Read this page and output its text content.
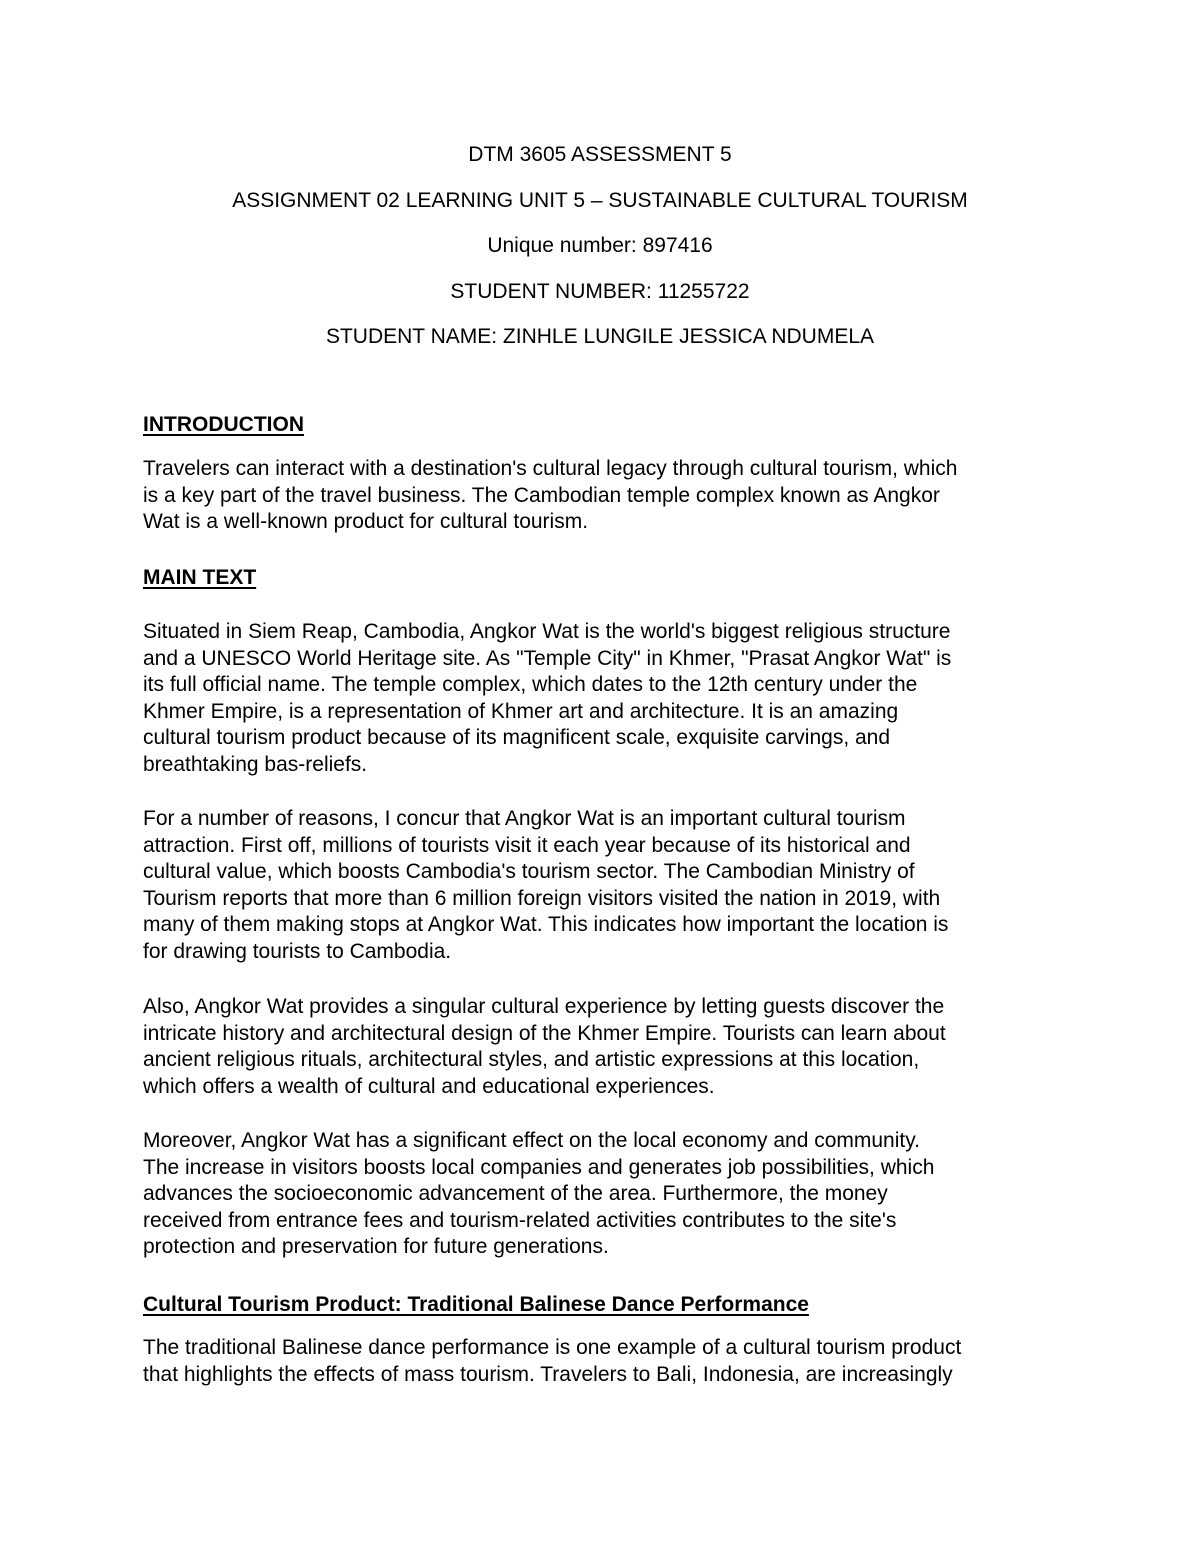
DTM 3605 ASSESSMENT 5
ASSIGNMENT 02 LEARNING UNIT 5 – SUSTAINABLE CULTURAL TOURISM
Unique number: 897416
STUDENT NUMBER: 11255722
STUDENT NAME: ZINHLE LUNGILE JESSICA NDUMELA
INTRODUCTION
Travelers can interact with a destination's cultural legacy through cultural tourism, which
is a key part of the travel business. The Cambodian temple complex known as Angkor
Wat is a well-known product for cultural tourism.
MAIN TEXT
Situated in Siem Reap, Cambodia, Angkor Wat is the world's biggest religious structure
and a UNESCO World Heritage site. As "Temple City" in Khmer, "Prasat Angkor Wat" is
its full official name. The temple complex, which dates to the 12th century under the
Khmer Empire, is a representation of Khmer art and architecture. It is an amazing
cultural tourism product because of its magnificent scale, exquisite carvings, and
breathtaking bas-reliefs.
For a number of reasons, I concur that Angkor Wat is an important cultural tourism
attraction. First off, millions of tourists visit it each year because of its historical and
cultural value, which boosts Cambodia's tourism sector. The Cambodian Ministry of
Tourism reports that more than 6 million foreign visitors visited the nation in 2019, with
many of them making stops at Angkor Wat. This indicates how important the location is
for drawing tourists to Cambodia.
Also, Angkor Wat provides a singular cultural experience by letting guests discover the
intricate history and architectural design of the Khmer Empire. Tourists can learn about
ancient religious rituals, architectural styles, and artistic expressions at this location,
which offers a wealth of cultural and educational experiences.
Moreover, Angkor Wat has a significant effect on the local economy and community.
The increase in visitors boosts local companies and generates job possibilities, which
advances the socioeconomic advancement of the area. Furthermore, the money
received from entrance fees and tourism-related activities contributes to the site's
protection and preservation for future generations.
Cultural Tourism Product: Traditional Balinese Dance Performance
The traditional Balinese dance performance is one example of a cultural tourism product
that highlights the effects of mass tourism. Travelers to Bali, Indonesia, are increasingly
